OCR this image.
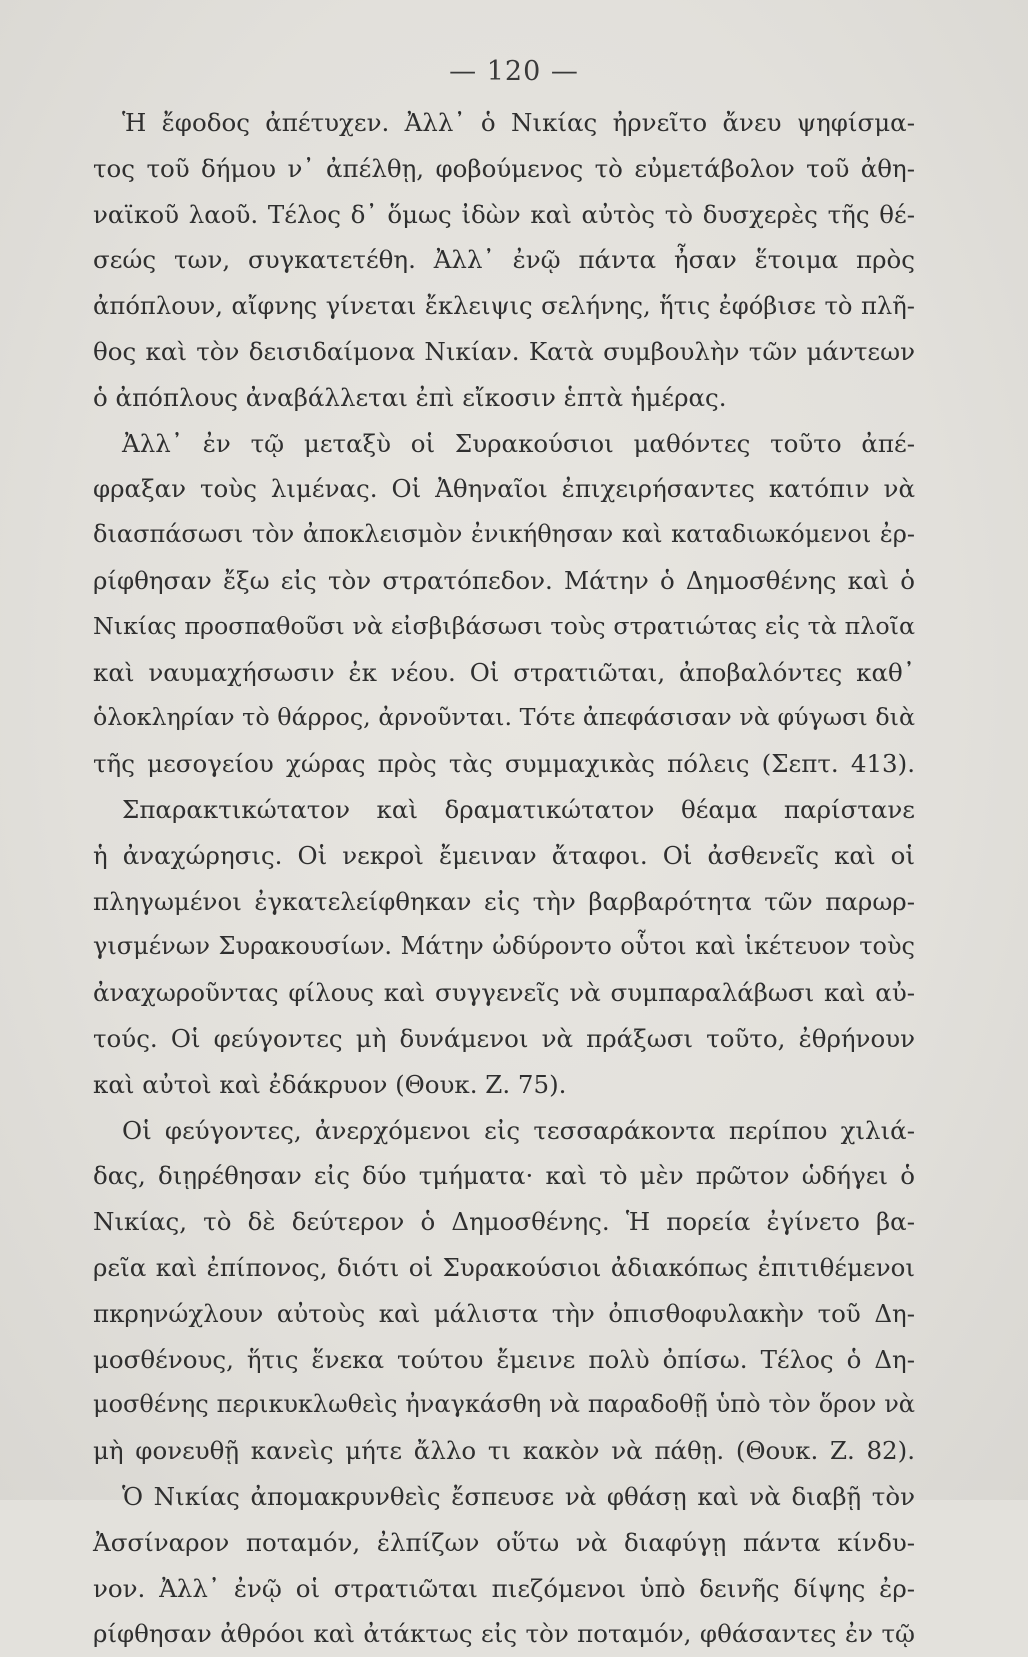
— 120 —
Ἡ ἔφοδος ἀπέτυχεν. Ἀλλ᾽ ὁ Νικίας ἠρνεῖτο ἄνευ ψηφίσμα-
τος τοῦ δήμου ν᾽ ἀπέλθῃ, φοβούμενος τὸ εὐμετάβολον τοῦ ἀθη-
ναϊκοῦ λαοῦ. Τέλος δ᾽ ὅμως ἰδὼν καὶ αὐτὸς τὸ δυσχερὲς τῆς θέ-
σεώς των, συγκατετέθη. Ἀλλ᾽ ἐνῷ πάντα ἦσαν ἕτοιμα πρὸς
ἀπόπλουν, αἴφνης γίνεται ἔκλειψις σελήνης, ἥτις ἐφόβισε τὸ πλῆ-
θος καὶ τὸν δεισιδαίμονα Νικίαν. Κατὰ συμβουλὴν τῶν μάντεων
ὁ ἀπόπλους ἀναβάλλεται ἐπὶ εἴκοσιν ἑπτὰ ἡμέρας.
Ἀλλ᾽ ἐν τῷ μεταξὺ οἱ Συρακούσιοι μαθόντες τοῦτο ἀπέ-
φραξαν τοὺς λιμένας. Οἱ Ἀθηναῖοι ἐπιχειρήσαντες κατόπιν νὰ
διασπάσωσι τὸν ἀποκλεισμὸν ἐνικήθησαν καὶ καταδιωκόμενοι ἐρ-
ρίφθησαν ἔξω εἰς τὸν στρατόπεδον. Μάτην ὁ Δημοσθένης καὶ ὁ
Νικίας προσπαθοῦσι νὰ εἰσβιβάσωσι τοὺς στρατιώτας εἰς τὰ πλοῖα
καὶ ναυμαχήσωσιν ἐκ νέου. Οἱ στρατιῶται, ἀποβαλόντες καθ᾽
ὁλοκληρίαν τὸ θάρρος, ἀρνοῦνται. Τότε ἀπεφάσισαν νὰ φύγωσι διὰ
τῆς μεσογείου χώρας πρὸς τὰς συμμαχικὰς πόλεις (Σεπτ. 413).
Σπαρακτικώτατον καὶ δραματικώτατον θέαμα παρίστανε
ἡ ἀναχώρησις. Οἱ νεκροὶ ἔμειναν ἄταφοι. Οἱ ἀσθενεῖς καὶ οἱ
πληγωμένοι ἐγκατελείφθηκαν εἰς τὴν βαρβαρότητα τῶν παρωρ-
γισμένων Συρακουσίων. Μάτην ὠδύροντο οὗτοι καὶ ἱκέτευον τοὺς
ἀναχωροῦντας φίλους καὶ συγγενεῖς νὰ συμπαραλάβωσι καὶ αὐ-
τούς. Οἱ φεύγοντες μὴ δυνάμενοι νὰ πράξωσι τοῦτο, ἐθρήνουν
καὶ αὐτοὶ καὶ ἐδάκρυον (Θουκ. Ζ. 75).
Οἱ φεύγοντες, ἀνερχόμενοι εἰς τεσσαράκοντα περίπου χιλιά-
δας, διῃρέθησαν εἰς δύο τμήματα· καὶ τὸ μὲν πρῶτον ὡδήγει ὁ
Νικίας, τὸ δὲ δεύτερον ὁ Δημοσθένης. Ἡ πορεία ἐγίνετο βα-
ρεῖα καὶ ἐπίπονος, διότι οἱ Συρακούσιοι ἀδιακόπως ἐπιτιθέμενοι
πκρηνώχλουν αὐτοὺς καὶ μάλιστα τὴν ὀπισθοφυλακὴν τοῦ Δη-
μοσθένους, ἥτις ἕνεκα τούτου ἔμεινε πολὺ ὀπίσω. Τέλος ὁ Δη-
μοσθένης περικυκλωθεὶς ἠναγκάσθη νὰ παραδοθῇ ὑπὸ τὸν ὅρον νὰ
μὴ φονευθῇ κανεὶς μήτε ἄλλο τι κακὸν νὰ πάθῃ. (Θουκ. Ζ. 82).
Ὁ Νικίας ἀπομακρυνθεὶς ἔσπευσε νὰ φθάσῃ καὶ νὰ διαβῇ τὸν
Ἀσσίναρον ποταμόν, ἐλπίζων οὕτω νὰ διαφύγῃ πάντα κίνδυ-
νον. Ἀλλ᾽ ἐνῷ οἱ στρατιῶται πιεζόμενοι ὑπὸ δεινῆς δίψης ἐρ-
ρίφθησαν ἀθρόοι καὶ ἀτάκτως εἰς τὸν ποταμόν, φθάσαντες ἐν τῷ
